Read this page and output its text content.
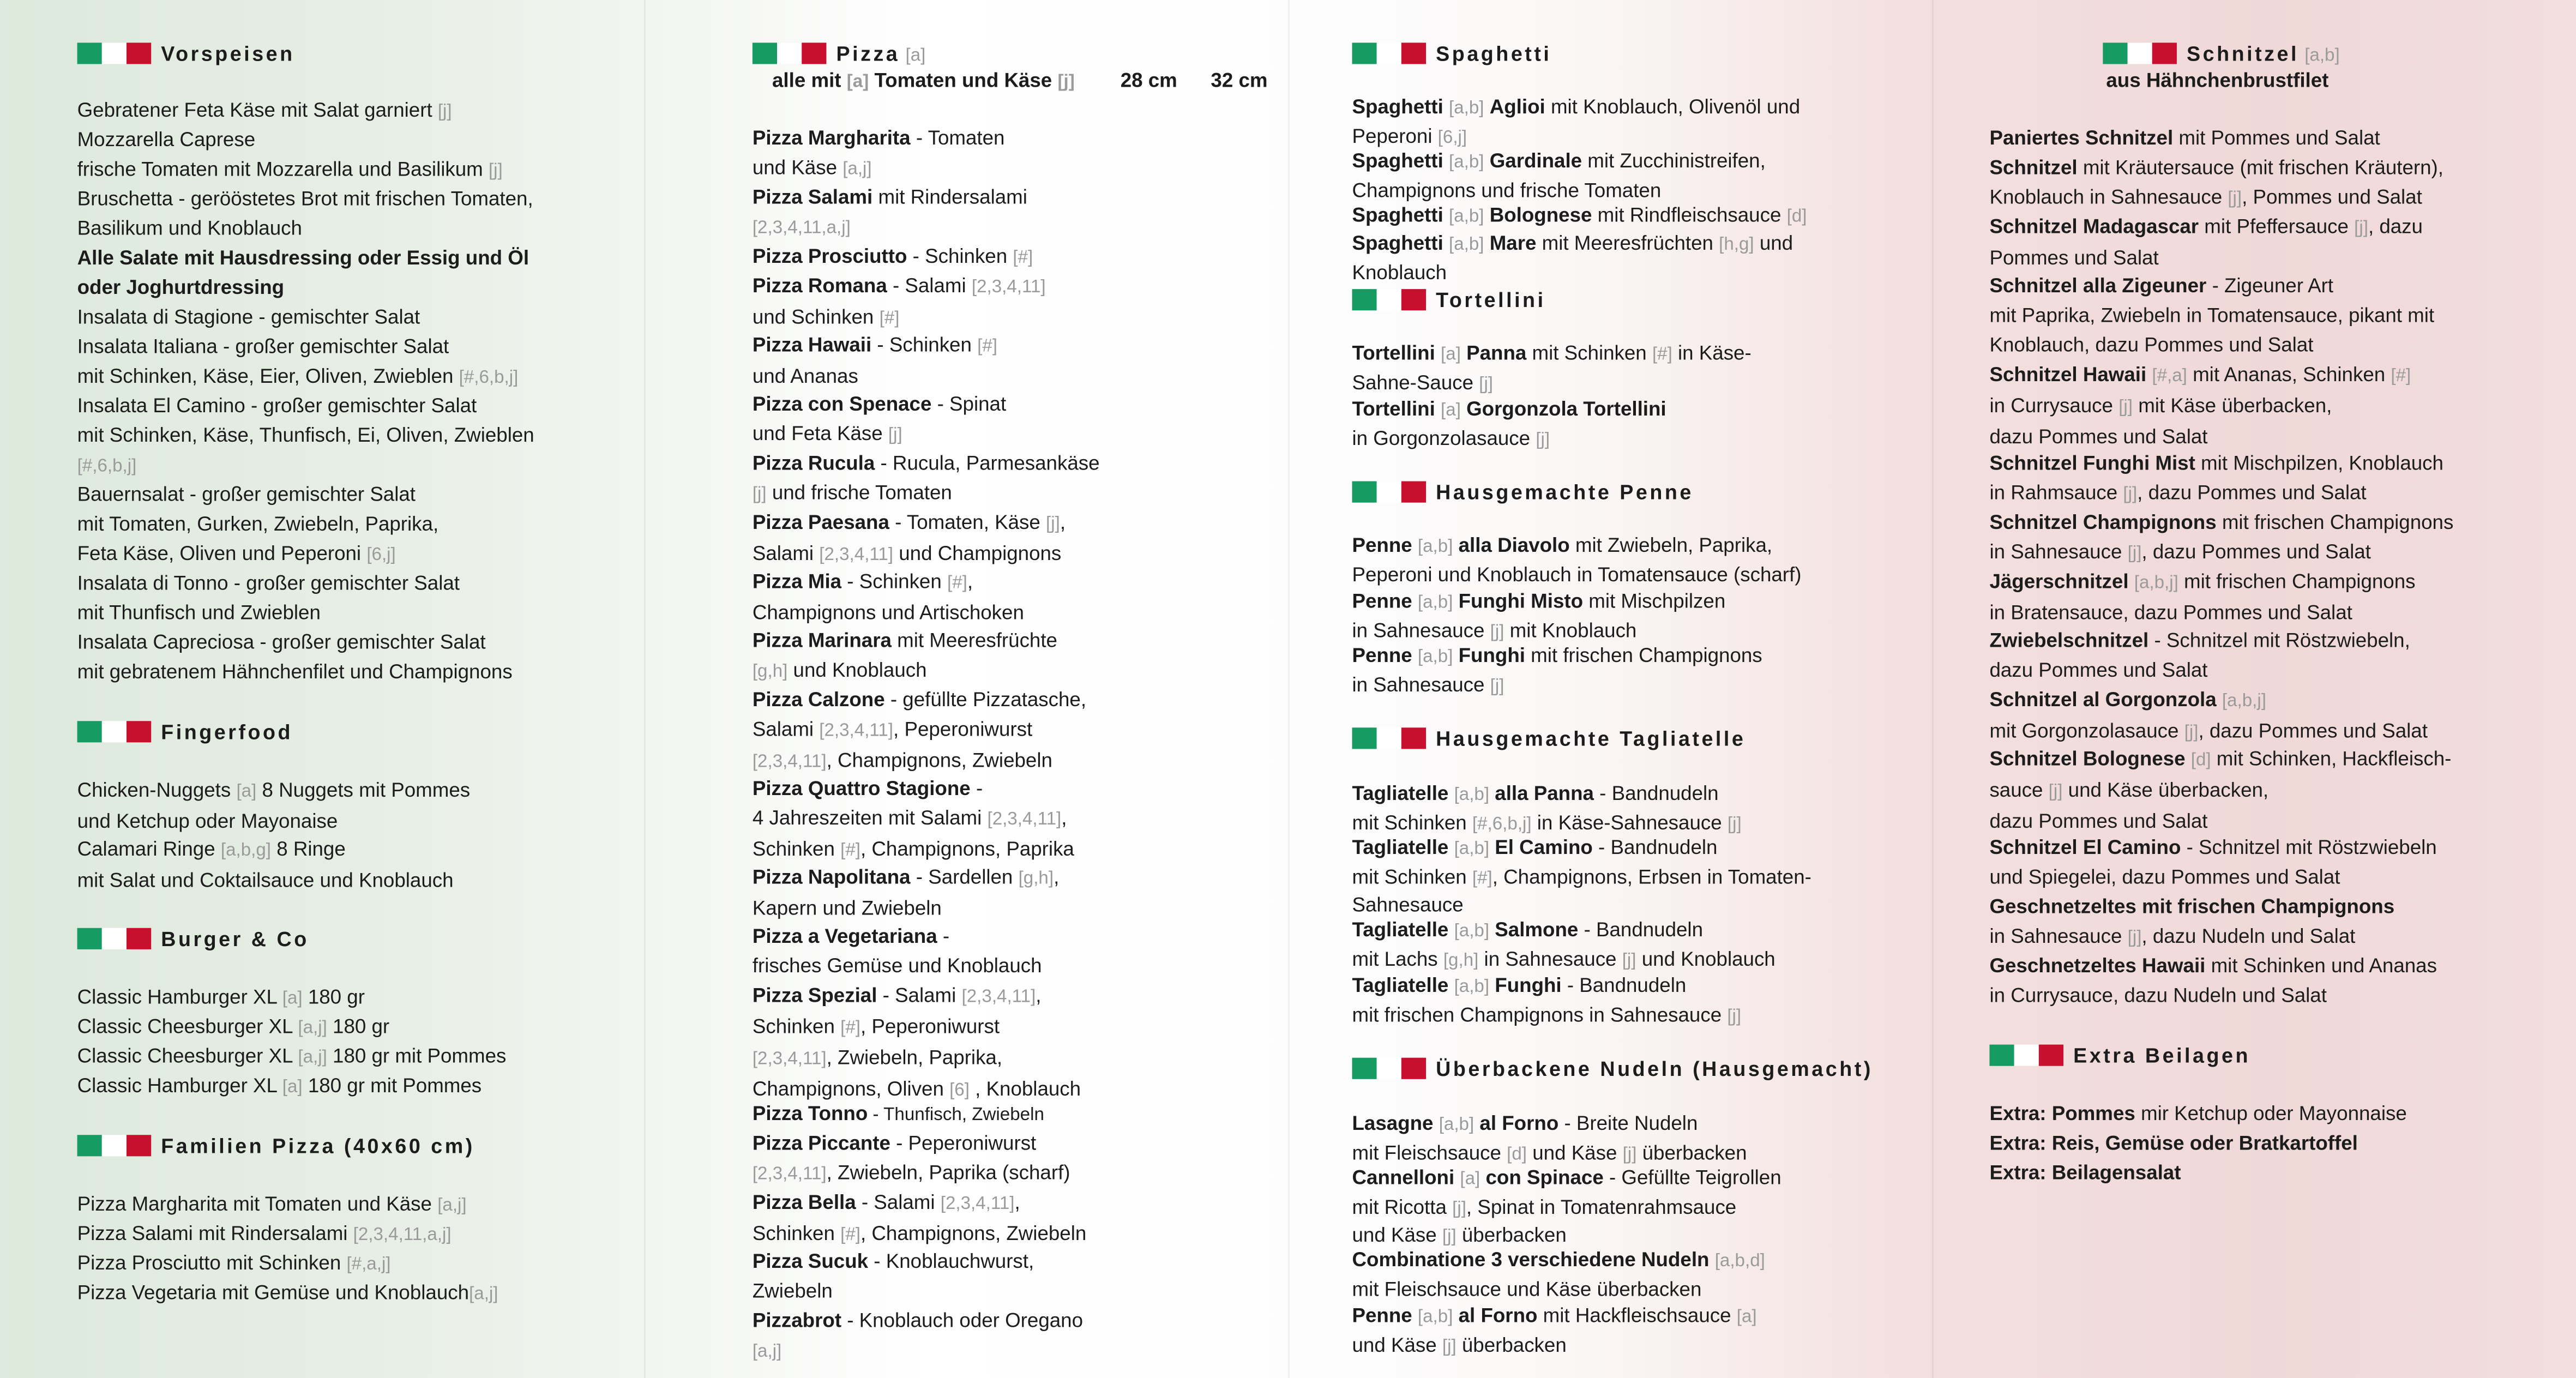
Vorspeisen
Alle Salate mit Hausdressing oder Essig und Öl
oder Joghurtdressing
Fingerfood
Burger & Co
Familien Pizza (40x60 cm)
Gebratener Feta Käse mit Salat garniert [j]
Mozzarella Caprese
frische Tomaten mit Mozzarella und Basilikum [j]
Bruschetta - gerööstetes Brot mit frischen Tomaten,
Basilikum und Knoblauch
Insalata di Stagione - gemischter Salat
Insalata Italiana - großer gemischter Salat
mit Schinken, Käse, Eier, Oliven, Zwieblen [#,6,b,j]
Insalata El Camino - großer gemischter Salat
mit Schinken, Käse, Thunfisch, Ei, Oliven, Zwieblen
[#,6,b,j]
Bauernsalat - großer gemischter Salat
mit Tomaten, Gurken, Zwiebeln, Paprika,
Feta Käse, Oliven und Peperoni [6,j]
Insalata di Tonno - großer gemischter Salat
mit Thunfisch und Zwieblen
Insalata Capreciosa - großer gemischter Salat
mit gebratenem Hähnchenfilet und Champignons
Chicken-Nuggets [a] 8 Nuggets mit Pommes
und Ketchup oder Mayonaise
Calamari Ringe [a,b,g] 8 Ringe
mit Salat und Coktailsauce und Knoblauch
Classic Hamburger XL [a] 180 gr
Classic Cheesburger XL [a,j] 180 gr
Classic Cheesburger XL [a,j] 180 gr mit Pommes
Classic Hamburger XL [a] 180 gr mit Pommes
Pizza Margharita mit Tomaten und Käse [a,j]
Pizza Salami mit Rindersalami [2,3,4,11,a,j]
Pizza Prosciutto mit Schinken [#,a,j]
Pizza Vegetaria mit Gemüse und Knoblauch[a,j]
Pizza [a]
alle mit [a] Tomaten und Käse [j]	28 cm	32 cm
Pizza Margharita - Tomaten
und Käse [a,j]
Pizza Salami mit Rindersalami
[2,3,4,11,a,j]
Pizza Prosciutto - Schinken [#]
Pizza Romana - Salami [2,3,4,11]
und Schinken [#]
Pizza Hawaii - Schinken [#]
und Ananas
Pizza con Spenace - Spinat
und Feta Käse [j]
Pizza Rucula - Rucula, Parmesankäse
[j] und frische Tomaten
Pizza Paesana - Tomaten, Käse [j],
Salami [2,3,4,11] und Champignons
Pizza Mia - Schinken [#],
Champignons und Artischoken
Pizza Marinara mit Meeresfrüchte
[g,h] und Knoblauch
Pizza Calzone - gefüllte Pizzatasche,
Salami [2,3,4,11], Peperoniwurst
[2,3,4,11], Champignons, Zwiebeln
Pizza Quattro Stagione -
4 Jahreszeiten mit Salami [2,3,4,11],
Schinken [#], Champignons, Paprika
Pizza Napolitana - Sardellen [g,h],
Kapern und Zwiebeln
Pizza a Vegetariana -
frisches Gemüse und Knoblauch
Pizza Spezial - Salami [2,3,4,11],
Schinken [#], Peperoniwurst
[2,3,4,11], Zwiebeln, Paprika,
Champignons, Oliven [6] , Knoblauch
Pizza Tonno - Thunfisch, Zwiebeln
Pizza Piccante - Peperoniwurst
[2,3,4,11], Zwiebeln, Paprika (scharf)
Pizza Bella - Salami [2,3,4,11],
Schinken [#], Champignons, Zwiebeln
Pizza Sucuk - Knoblauchwurst,
Zwiebeln
Pizzabrot - Knoblauch oder Oregano
[a,j]
Spaghetti
Tortellini
Hausgemachte Penne
Hausgemachte Tagliatelle
Überbackene Nudeln (Hausgemacht)
Spaghetti [a,b] Aglioi mit Knoblauch, Olivenöl und
Peperoni [6,j]
Spaghetti [a,b] Gardinale mit Zucchinistreifen,
Champignons und frische Tomaten
Spaghetti [a,b] Bolognese mit Rindfleischsauce [d]
Spaghetti [a,b] Mare mit Meeresfrüchten [h,g] und
Knoblauch
Tortellini [a] Panna mit Schinken [#] in Käse-
Sahne-Sauce [j]
Tortellini [a] Gorgonzola Tortellini
in Gorgonzolasauce [j]
Penne [a,b] alla Diavolo mit Zwiebeln, Paprika,
Peperoni und Knoblauch in Tomatensauce (scharf)
Penne [a,b] Funghi Misto mit Mischpilzen
in Sahnesauce [j] mit Knoblauch
Penne [a,b] Funghi mit frischen Champignons
in Sahnesauce [j]
Tagliatelle [a,b] alla Panna - Bandnudeln
mit Schinken [#,6,b,j] in Käse-Sahnesauce [j]
Tagliatelle [a,b] El Camino - Bandnudeln
mit Schinken [#], Champignons, Erbsen in Tomaten-
Sahnesauce
Tagliatelle [a,b] Salmone - Bandnudeln
mit Lachs [g,h] in Sahnesauce [j] und Knoblauch
Tagliatelle [a,b] Funghi - Bandnudeln
mit frischen Champignons in Sahnesauce [j]
Lasagne [a,b] al Forno - Breite Nudeln
mit Fleischsauce [d] und Käse [j] überbacken
Cannelloni [a] con Spinace - Gefüllte Teigrollen
mit Ricotta [j], Spinat in Tomatenrahmsauce
und Käse [j] überbacken
Combinatione 3 verschiedene Nudeln [a,b,d]
mit Fleischsauce und Käse überbacken
Penne [a,b] al Forno mit Hackfleischsauce [a]
und Käse [j] überbacken
Schnitzel [a,b]
aus Hähnchenbrustfilet
Extra Beilagen
Paniertes Schnitzel mit Pommes und Salat
Schnitzel mit Kräutersauce (mit frischen Kräutern),
Knoblauch in Sahnesauce [j], Pommes und Salat
Schnitzel Madagascar mit Pfeffersauce [j], dazu
Pommes und Salat
Schnitzel alla Zigeuner - Zigeuner Art
mit Paprika, Zwiebeln in Tomatensauce, pikant mit
Knoblauch, dazu Pommes und Salat
Schnitzel Hawaii [#,a] mit Ananas, Schinken [#]
in Currysauce [j] mit Käse überbacken,
dazu Pommes und Salat
Schnitzel Funghi Mist mit Mischpilzen, Knoblauch
in Rahmsauce [j], dazu Pommes und Salat
Schnitzel Champignons mit frischen Champignons
in Sahnesauce [j], dazu Pommes und Salat
Jägerschnitzel [a,b,j] mit frischen Champignons
in Bratensauce, dazu Pommes und Salat
Zwiebelschnitzel - Schnitzel mit Röstzwiebeln,
dazu Pommes und Salat
Schnitzel al Gorgonzola [a,b,j]
mit Gorgonzolasauce [j], dazu Pommes und Salat
Schnitzel Bolognese [d] mit Schinken, Hackfleisch-
sauce [j] und Käse überbacken,
dazu Pommes und Salat
Schnitzel El Camino - Schnitzel mit Röstzwiebeln
und Spiegelei, dazu Pommes und Salat
Geschnetzeltes mit frischen Champignons
in Sahnesauce [j], dazu Nudeln und Salat
Geschnetzeltes Hawaii mit Schinken und Ananas
in Currysauce, dazu Nudeln und Salat
Extra: Pommes mir Ketchup oder Mayonnaise
Extra: Reis, Gemüse oder Bratkartoffel
Extra: Beilagensalat
